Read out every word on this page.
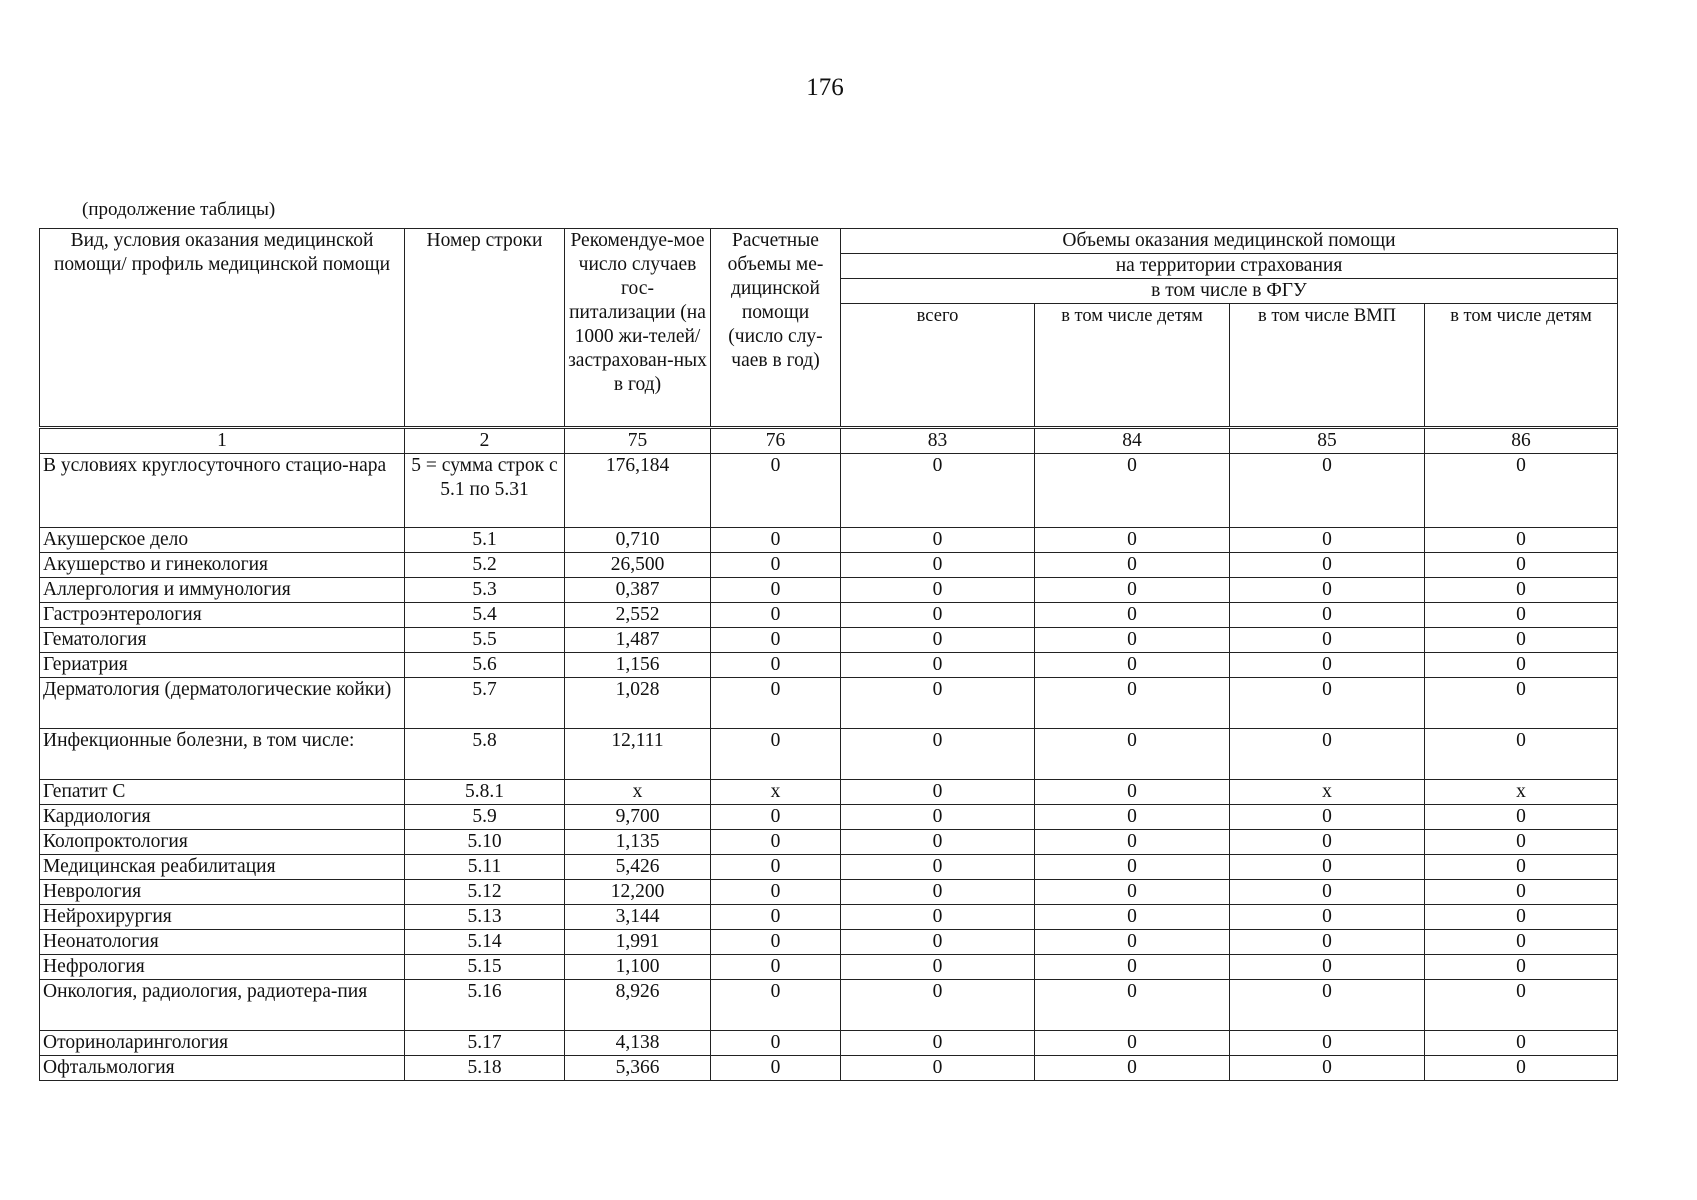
176
(продолжение таблицы)
Вид, условия оказания медицинской помощи/ профиль медицинской помощи	Номер строки	Рекомендуе-мое число случаев гос-питализации (на 1000 жи-телей/ застрахован-ных в год)	Расчетные объемы ме-дицинской помощи (число слу-чаев в год)	Объемы оказания медицинской помощи			
				на территории страхования			
				в том числе в ФГУ			
				всего	в том числе детям	в том числе ВМП	в том числе детям
1	2	75	76	83	84	85	86
В условиях круглосуточного стацио-нара	5 = сумма строк с 5.1 по 5.31	176,184	0	0	0	0	0
Акушерское дело	5.1	0,710	0	0	0	0	0
Акушерство и гинекология	5.2	26,500	0	0	0	0	0
Аллергология и иммунология	5.3	0,387	0	0	0	0	0
Гастроэнтерология	5.4	2,552	0	0	0	0	0
Гематология	5.5	1,487	0	0	0	0	0
Гериатрия	5.6	1,156	0	0	0	0	0
Дерматология (дерматологические койки)	5.7	1,028	0	0	0	0	0
Инфекционные болезни, в том числе:	5.8	12,111	0	0	0	0	0
Гепатит С	5.8.1	х	х	0	0	х	х
Кардиология	5.9	9,700	0	0	0	0	0
Колопроктология	5.10	1,135	0	0	0	0	0
Медицинская реабилитация	5.11	5,426	0	0	0	0	0
Неврология	5.12	12,200	0	0	0	0	0
Нейрохирургия	5.13	3,144	0	0	0	0	0
Неонатология	5.14	1,991	0	0	0	0	0
Нефрология	5.15	1,100	0	0	0	0	0
Онкология, радиология, радиотера-пия	5.16	8,926	0	0	0	0	0
Оториноларингология	5.17	4,138	0	0	0	0	0
Офтальмология	5.18	5,366	0	0	0	0	0
